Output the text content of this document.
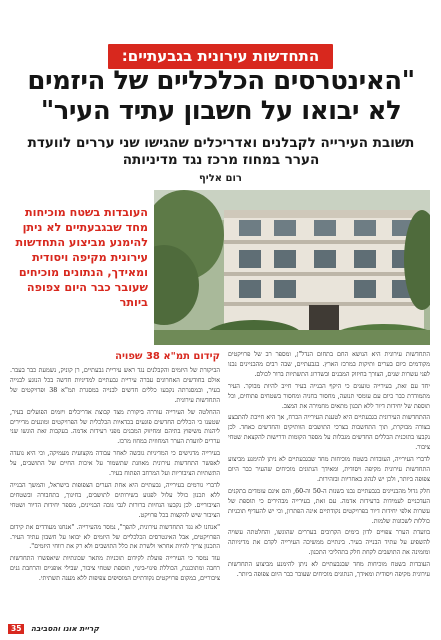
התחדשות עירונית בגבעתיים:
"האינטרסים הכלכליים של היזמים לא יבואו על חשבון עתיד העיר"
תשובת העירייה לקבלנים ואדריכלים שהגישו שני עררים לוועדת הערר במחוז מרכז נגד מדיניותה
רום אליף
העובדות בשטח מוכיחות מחד שבגבעתיים לא ניתן להימנע מביצוע התחדשות עירונית מקיפה ויסודית ומאידך, הנתונים מוכיחים שעובר כבר היום צפופה ביותר
קידום תמ"א 38 שפויה

הביקורת של היזמים והקבלנים נגד ראש עיריית גבעתיים, רן קוניק, נשמעת כבר בעבר. אולם בחודשים האחרונים עברה עיריית גבעתיים למדיניות חדשה בכל הנוגע לבנייה בעיר, ובמסגרתה נקבעו כללים חדשים לבנייה במסגרת תמ"א 38 ופרויקטים של התחדשות עירונית.

ההחלטה של העירייה עוררה ביקורת מצד קבוצת אדריכלים ויזמים הפועלים בעיר, שטענו כי הכללים החדשים פוגעים בכדאיות הכלכלית של הפרויקטים ומונעים מדיירים ליהנות משיפוץ בתיהם ומחיזוק המבנים מפני רעידות אדמה. בעקבות זאת הוגשו שני עררים לוועדת הערר המחוזית במחוז מרכז.

בעירייה מדגישים כי המדיניות גובשה לאחר עבודה מקצועית מעמיקה, וכי היא נועדה לאפשר התחדשות עירונית מאוזנת שתשמור על איכות החיים של התושבים, על התשתיות הציבוריות ועל המרחב הפתוח בעיר.

לדברי גורמים בעירייה, גבעתיים היא אחת הערים הצפופות בישראל, והמשך הבנייה ללא תכנון כולל עלול לפגוע בשירותים לתושבים, בחינוך, בתחבורה ובשטחים הציבוריים. לכן נקבעו הנחיות ברורות לגבי גובה הבניינים, מספר יחידות הדיור ושטחי הציבור שיש להקצות בכל פרויקט.

"אנחנו לא נגד התחדשות עירונית, להפך", נמסר מהעירייה. "אנחנו מעודדים את קידום הפרויקטים, אבל האינטרסים הכלכליים של היזמים לא יבואו על חשבון עתיד העיר. התכנון צריך להיות אחראי ולשרת את כלל התושבים ולא רק את רווחי היזמים".

עוד נמסר כי העירייה פועלת לקידום תוכניות מתאר שכונתיות שיאפשרו התחדשות רחבה ומתוכננת, הכוללת פינוי-בינוי, תוספת שטחי ציבור, שבילי אופניים והרחבת גנים ציבוריים, במקום פרויקטים נקודתיים המוסיפים צפיפות ללא מענה תשתיתי.

התחדשות עירונית היא הנושא החם בתחום הנדל"ן, ומספר רב של פרויקטים מקודמים כיום בערים ותיקות במרכז הארץ. בגבעתיים, שבה רבים מהבניינים נבנו לפני עשרות שנים, הצורך בחיזוק המבנים ובשדרוג התשתיות ברור לכולם.

יחד עם זאת, בעירייה טוענים כי היקף הבנייה בעיר חייב להיות מבוקר. העיר מתמודדת כבר כיום עם עומסי תנועה, מחסור בחניה ומחסור בשטחים פתוחים, וכל תוספת של יחידות דיור ללא תכנון מתאים מחמירה את המצב.

ההתחדשות העירונית בגבעתיים היא לטענת העירייה הכרח, אך היא חייבת להתבצע בצורה מבוקרת, תוך התחשבות בצרכי התושבים הוותיקים והחדשים כאחד. לכן נקבעו בתוכנית הכללים החדשים מגבלות על מספר הקומות ודרישות להקצאת שטחי ציבור.

לדברי העירייה, העובדות בשטח מוכיחות מחד שבגבעתיים לא ניתן להימנע מביצוע התחדשות עירונית מקיפה ויסודית, ומאידך הנתונים מוכיחים שהעיר כבר היום צפופה ביותר, ולכן יש לנהוג באחריות ובזהירות.

חלק גדול מהבניינים בגבעתיים נבנו בשנות ה-50 וה-60, והם אינם עומדים בתקנים העדכניים לעמידות ברעידות אדמה. עם זאת, בעירייה מבהירים כי תוספת של עשרות אלפי יחידות דיור בפרויקטים נקודתיים אינה הפתרון, וכי יש להעדיף תוכניות כוללות לשכונות שלמות.

בוועדת הערר צפויים לדון בימים הקרובים בעררים שהוגשו, והחלטתה עשויה להשפיע על עתיד הבנייה בעיר. בינתיים ממשיכה העירייה לקדם את מדיניותה ומזמינה את התושבים לקחת חלק בתהליכי התכנון.

העובדות בשטח מוכיחות מחד שבגבעתיים לא ניתן להימנע מביצוע התחדשות עירונית מקיפה ויסודית ומאידך, הנתונים מוכיחים שעובר כבר היום צפופה ביותר.

35 קריית אונו והסביבה
